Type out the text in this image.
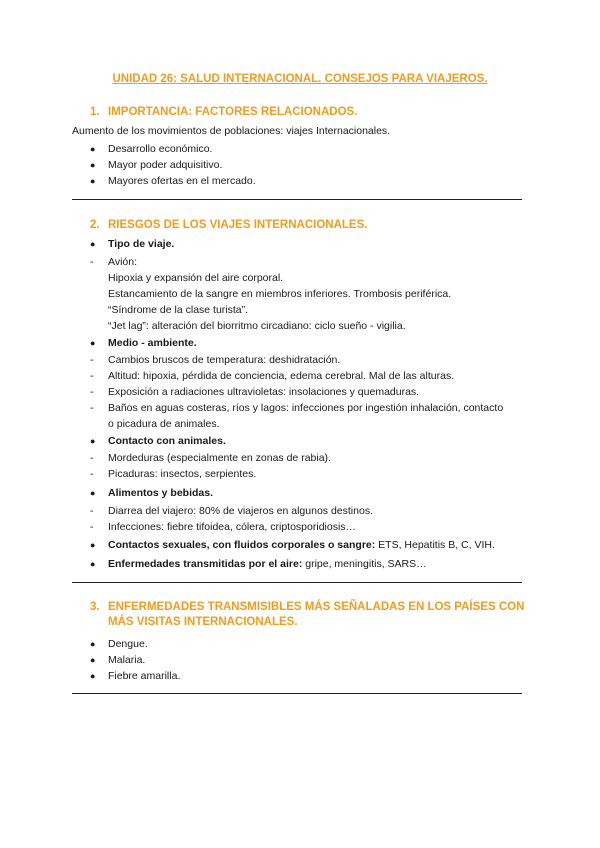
UNIDAD 26: SALUD INTERNACIONAL. CONSEJOS PARA VIAJEROS.
1. IMPORTANCIA: FACTORES RELACIONADOS.
Aumento de los movimientos de poblaciones: viajes Internacionales.
● Desarrollo económico.
● Mayor poder adquisitivo.
● Mayores ofertas en el mercado.
2. RIESGOS DE LOS VIAJES INTERNACIONALES.
● Tipo de viaje.
- Avión:
Hipoxia y expansión del aire corporal.
Estancamiento de la sangre en miembros inferiores. Trombosis periférica.
“Síndrome de la clase turista”.
“Jet lag”: alteración del biorritmo circadiano: ciclo sueño - vigilia.
● Medio - ambiente.
- Cambios bruscos de temperatura: deshidratación.
- Altitud: hipoxia, pérdida de conciencia, edema cerebral. Mal de las alturas.
- Exposición a radiaciones ultravioletas: insolaciones y quemaduras.
- Baños en aguas costeras, ríos y lagos: infecciones por ingestión inhalación, contacto
o picadura de animales.
● Contacto con animales.
- Mordeduras (especialmente en zonas de rabia).
- Picaduras: insectos, serpientes.
● Alimentos y bebidas.
- Diarrea del viajero: 80% de viajeros en algunos destinos.
- Infecciones: fiebre tifoidea, cólera, criptosporidiosis…
● Contactos sexuales, con fluidos corporales o sangre: ETS, Hepatitis B, C, VIH.
● Enfermedades transmitidas por el aire: gripe, meningitis, SARS…
3. ENFERMEDADES TRANSMISIBLES MÁS SEÑALADAS EN LOS PAÍSES CON
MÁS VISITAS INTERNACIONALES.
● Dengue.
● Malaria.
● Fiebre amarilla.
